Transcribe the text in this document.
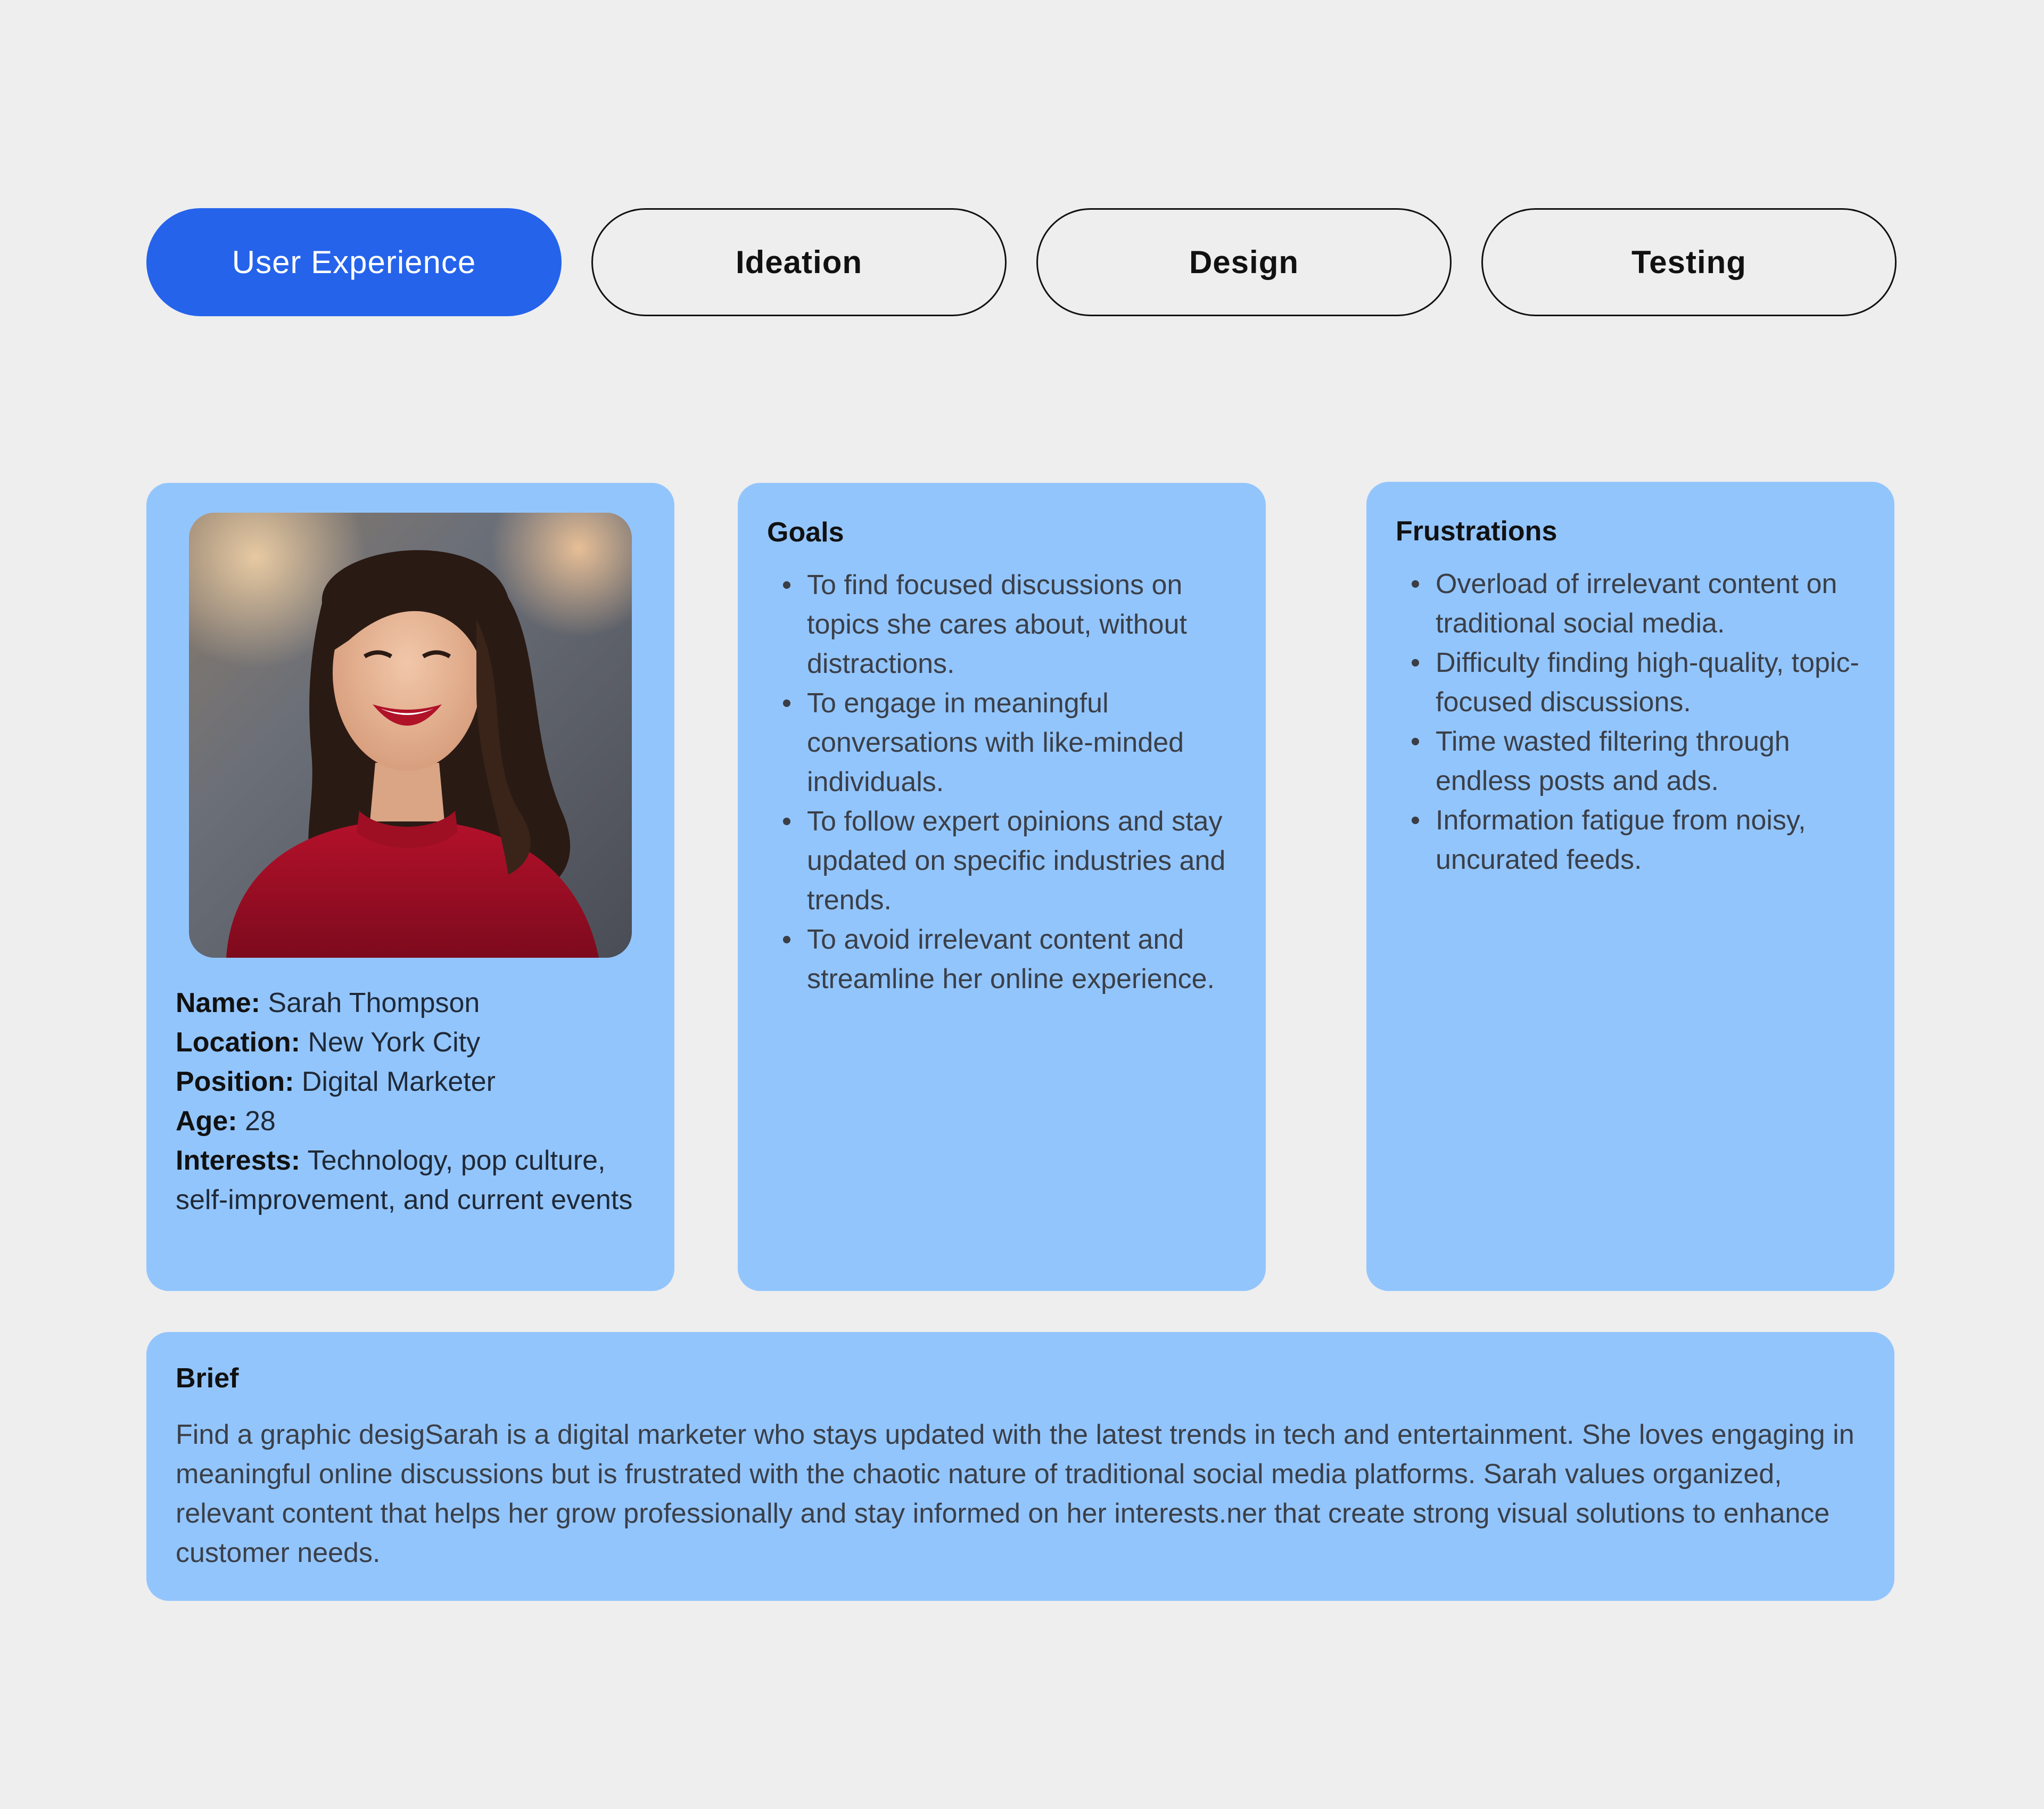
User Experience	Ideation	Design	Testing

Name: Sarah Thompson

Location: New York City

Position: Digital Marketer

Age: 28

Interests: Technology, pop culture, self-improvement, and current events

Goals
• To find focused discussions on topics she cares about, without distractions.
• To engage in meaningful conversations with like-minded individuals.
• To follow expert opinions and stay updated on specific industries and trends.
• To avoid irrelevant content and streamline her online experience.
Frustrations
• Overload of irrelevant content on traditional social media.
• Difficulty finding high-quality, topic-focused discussions.
• Time wasted filtering through endless posts and ads.
• Information fatigue from noisy, uncurated feeds.
Brief

Find a graphic desigSarah is a digital marketer who stays updated with the latest trends in tech and entertainment. She loves engaging in meaningful online discussions but is frustrated with the chaotic nature of traditional social media platforms. Sarah values organized, relevant content that helps her grow professionally and stay informed on her interests.ner that create strong visual solutions to enhance customer needs.
